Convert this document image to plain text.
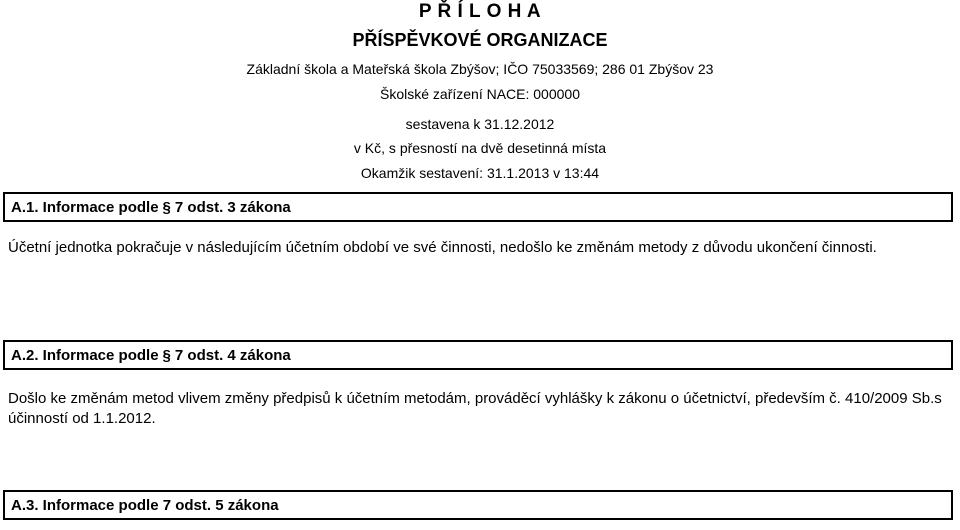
P Ř Í L O H A
PŘÍSPĚVKOVÉ ORGANIZACE
Základní škola a Mateřská škola Zbýšov; IČO 75033569; 286 01 Zbýšov 23
Školské zařízení NACE: 000000
sestavena k 31.12.2012
v Kč, s přesností na dvě desetinná místa
Okamžik sestavení: 31.1.2013 v 13:44
A.1. Informace podle § 7 odst. 3 zákona
Účetní jednotka pokračuje v následujícím účetním období ve své činnosti, nedošlo ke změnám metody z důvodu ukončení činnosti.
A.2. Informace podle § 7 odst. 4 zákona
Došlo ke změnám metod vlivem změny předpisů k účetním metodám, prováděcí vyhlášky k zákonu o účetnictví, především č. 410/2009 Sb.s účinností od 1.1.2012.
A.3. Informace podle 7 odst. 5 zákona
